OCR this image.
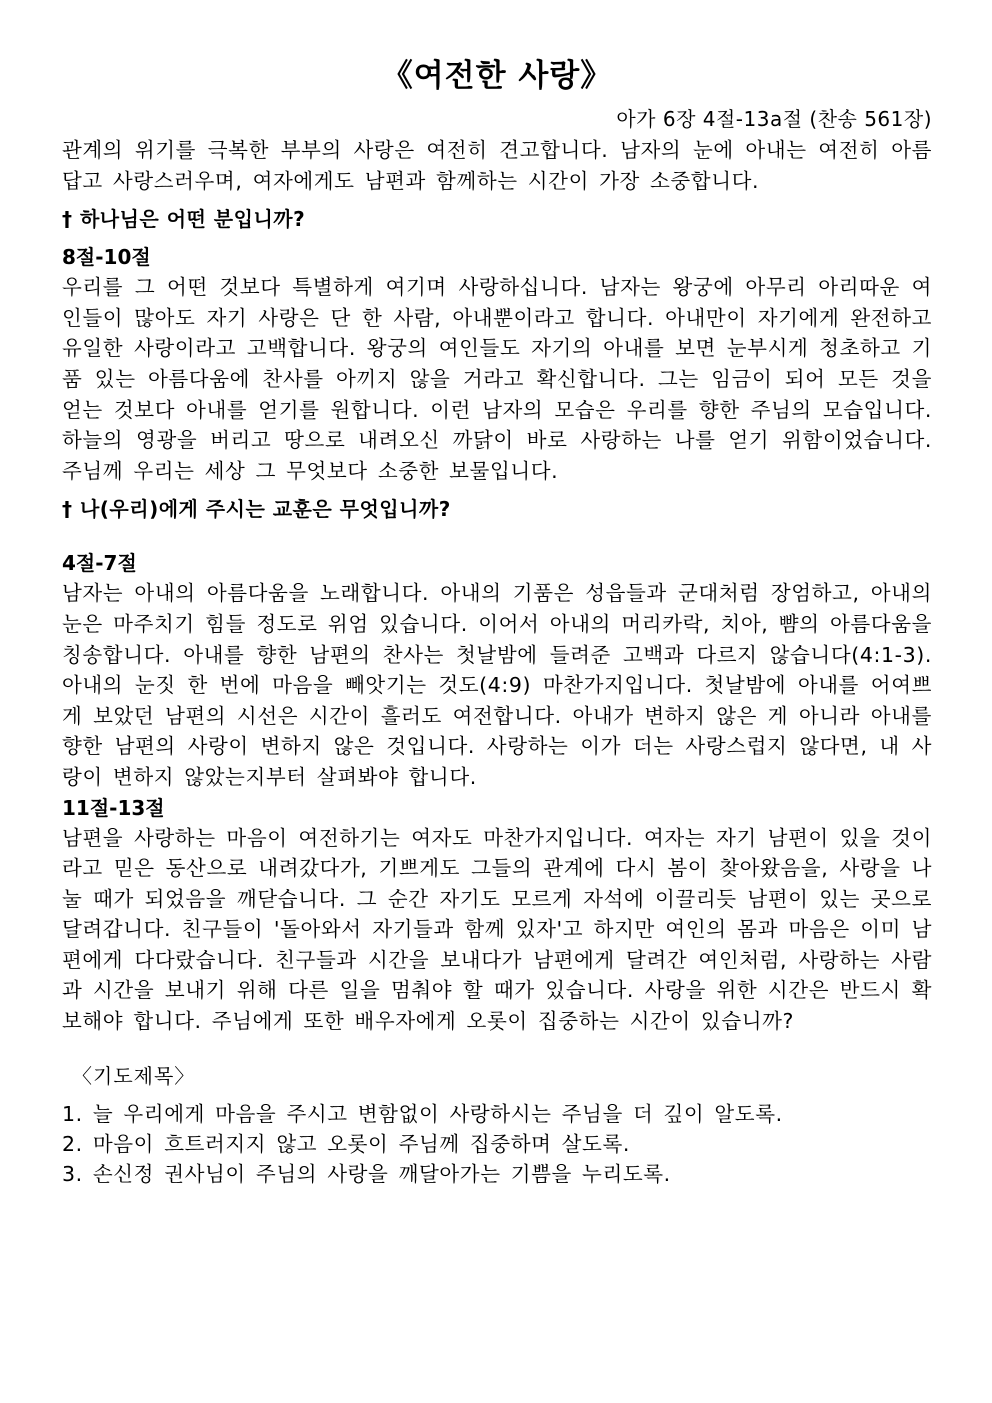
《여전한 사랑》

아가 6장 4절-13a절 (찬송 561장)

관계의 위기를 극복한 부부의 사랑은 여전히 견고합니다. 남자의 눈에 아내는 여전히 아름답고 사랑스러우며, 여자에게도 남편과 함께하는 시간이 가장 소중합니다.

† 하나님은 어떤 분입니까?

8절-10절

우리를 그 어떤 것보다 특별하게 여기며 사랑하십니다. 남자는 왕궁에 아무리 아리따운 여인들이 많아도 자기 사랑은 단 한 사람, 아내뿐이라고 합니다. 아내만이 자기에게 완전하고 유일한 사랑이라고 고백합니다. 왕궁의 여인들도 자기의 아내를 보면 눈부시게 청초하고 기품 있는 아름다움에 찬사를 아끼지 않을 거라고 확신합니다. 그는 임금이 되어 모든 것을 얻는 것보다 아내를 얻기를 원합니다. 이런 남자의 모습은 우리를 향한 주님의 모습입니다. 하늘의 영광을 버리고 땅으로 내려오신 까닭이 바로 사랑하는 나를 얻기 위함이었습니다. 주님께 우리는 세상 그 무엇보다 소중한 보물입니다.

† 나(우리)에게 주시는 교훈은 무엇입니까?

4절-7절

남자는 아내의 아름다움을 노래합니다. 아내의 기품은 성읍들과 군대처럼 장엄하고, 아내의 눈은 마주치기 힘들 정도로 위엄 있습니다. 이어서 아내의 머리카락, 치아, 뺨의 아름다움을 칭송합니다. 아내를 향한 남편의 찬사는 첫날밤에 들려준 고백과 다르지 않습니다(4:1-3). 아내의 눈짓 한 번에 마음을 빼앗기는 것도(4:9) 마찬가지입니다. 첫날밤에 아내를 어여쁘게 보았던 남편의 시선은 시간이 흘러도 여전합니다. 아내가 변하지 않은 게 아니라 아내를 향한 남편의 사랑이 변하지 않은 것입니다. 사랑하는 이가 더는 사랑스럽지 않다면, 내 사랑이 변하지 않았는지부터 살펴봐야 합니다.

11절-13절

남편을 사랑하는 마음이 여전하기는 여자도 마찬가지입니다. 여자는 자기 남편이 있을 것이라고 믿은 동산으로 내려갔다가, 기쁘게도 그들의 관계에 다시 봄이 찾아왔음을, 사랑을 나눌 때가 되었음을 깨닫습니다. 그 순간 자기도 모르게 자석에 이끌리듯 남편이 있는 곳으로 달려갑니다. 친구들이 '돌아와서 자기들과 함께 있자'고 하지만 여인의 몸과 마음은 이미 남편에게 다다랐습니다. 친구들과 시간을 보내다가 남편에게 달려간 여인처럼, 사랑하는 사람과 시간을 보내기 위해 다른 일을 멈춰야 할 때가 있습니다. 사랑을 위한 시간은 반드시 확보해야 합니다. 주님에게 또한 배우자에게 오롯이 집중하는 시간이 있습니까?

〈기도제목〉

1. 늘 우리에게 마음을 주시고 변함없이 사랑하시는 주님을 더 깊이 알도록.
2. 마음이 흐트러지지 않고 오롯이 주님께 집중하며 살도록.
3. 손신정 권사님이 주님의 사랑을 깨달아가는 기쁨을 누리도록.
